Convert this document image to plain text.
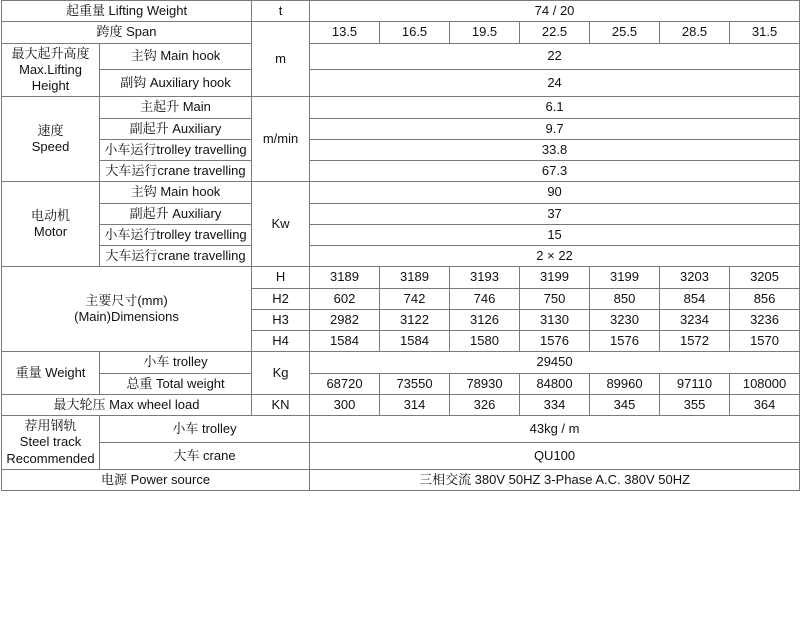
起重量 Lifting Weight		t	74 / 20						
跨度 Span		m	13.5	16.5	19.5	22.5	25.5	28.5	31.5
最大起升高度
Max.Lifting
Height	主钩 Main hook		22						
	副钩 Auxiliary hook		24						
速度
Speed	主起升 Main	m/min	6.1						
	副起升 Auxiliary		9.7						
	小车运行trolley travelling		33.8						
	大车运行crane travelling		67.3						
电动机
Motor	主钩 Main hook	Kw	90						
	副起升 Auxiliary		37						
	小车运行trolley travelling		15						
	大车运行crane travelling		2 × 22						
主要尺寸(mm)
(Main)Dimensions		H	3189	3189	3193	3199	3199	3203	3205
		H2	602	742	746	750	850	854	856
		H3	2982	3122	3126	3130	3230	3234	3236
		H4	1584	1584	1580	1576	1576	1572	1570
重量 Weight	小车 trolley	Kg	29450						
	总重 Total weight		68720	73550	78930	84800	89960	97110	108000
最大轮压 Max wheel load		KN	300	314	326	334	345	355	364
荐用钢轨
Steel track
Recommended	小车 trolley		43kg / m						
	大车 crane		QU100						
电源 Power source			三相交流 380V 50HZ 3-Phase A.C. 380V 50HZ						
